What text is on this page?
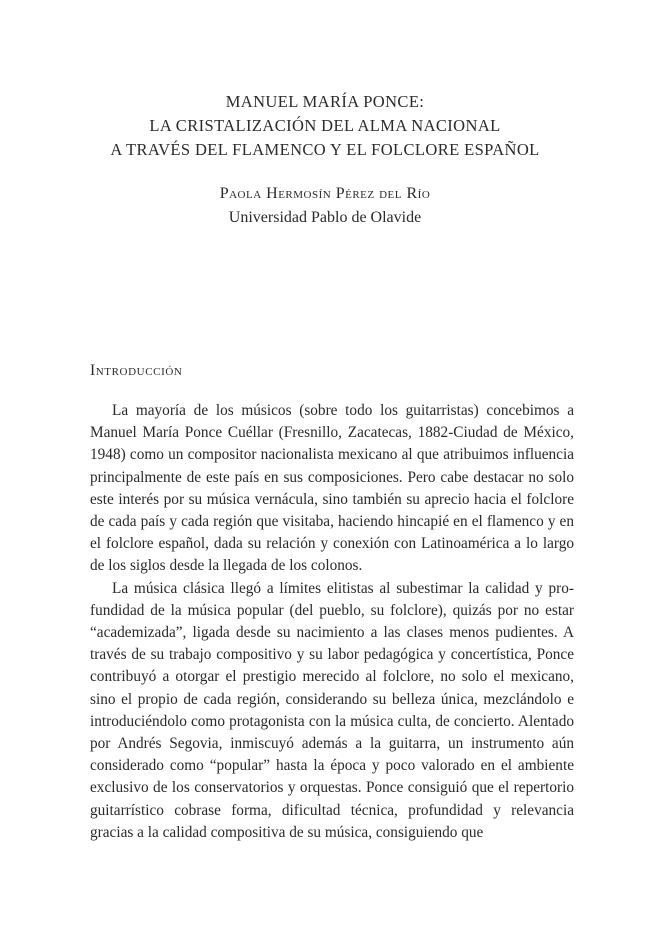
MANUEL MARÍA PONCE:
LA CRISTALIZACIÓN DEL ALMA NACIONAL
A TRAVÉS DEL FLAMENCO Y EL FOLCLORE ESPAÑOL
Paola Hermosín Pérez del Río
Universidad Pablo de Olavide
Introducción

La mayoría de los músicos (sobre todo los guitarristas) concebimos a Manuel María Ponce Cuéllar (Fresnillo, Zacatecas, 1882-Ciudad de México, 1948) como un compositor nacionalista mexicano al que atribuimos influencia principalmente de este país en sus composiciones. Pero cabe destacar no solo este interés por su música vernácula, sino también su aprecio hacia el folclore de cada país y cada región que visitaba, haciendo hincapié en el flamenco y en el folclore español, dada su relación y conexión con Latinoamérica a lo largo de los siglos desde la llegada de los colonos.

La música clásica llegó a límites elitistas al subestimar la calidad y profundidad de la música popular (del pueblo, su folclore), quizás por no estar “academizada”, ligada desde su nacimiento a las clases menos pudientes. A través de su trabajo compositivo y su labor pedagógica y concertística, Ponce contribuyó a otorgar el prestigio merecido al folclore, no solo el mexicano, sino el propio de cada región, considerando su belleza única, mezclándolo e introduciéndolo como protagonista con la música culta, de concierto. Alentado por Andrés Segovia, inmiscuyó además a la guitarra, un instrumento aún considerado como “popular” hasta la época y poco valorado en el ambiente exclusivo de los conservatorios y orquestas. Ponce consiguió que el repertorio guitarrístico cobrase forma, dificultad técnica, profundidad y relevancia gracias a la calidad compositiva de su música, consiguiendo que
